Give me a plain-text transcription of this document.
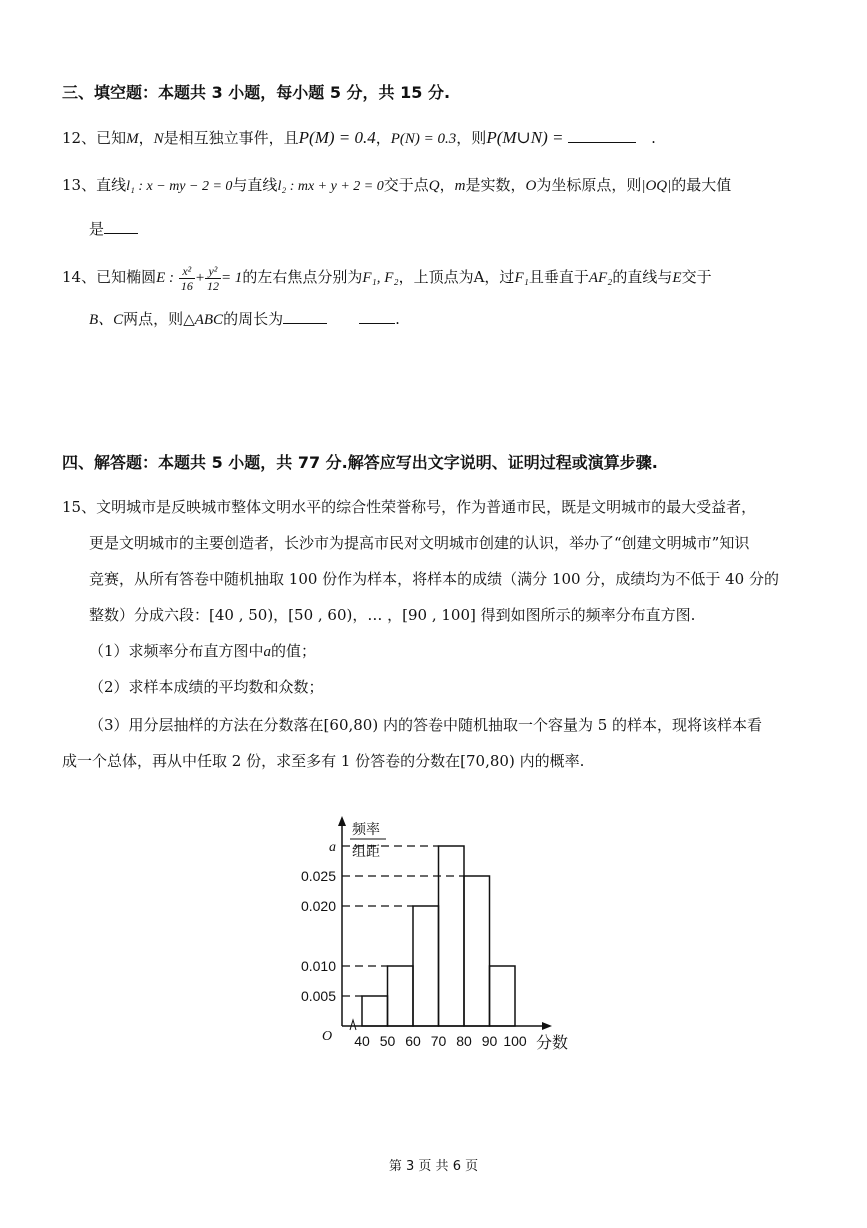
三、填空题：本题共 3 小题，每小题 5 分，共 15 分.
12、已知M，N是相互独立事件，且P(M) = 0.4，P(N) = 0.3，则P(M∪N) =	.
13、直线l₁ : x − my − 2 = 0与直线l₂ : mx + y + 2 = 0交于点Q，m是实数，O为坐标原点，则|OQ|的最大值
是
14、已知椭圆E : $\frac{\text{x²}}{16} + \frac{\text{y²}}{12} = 1$的左右焦点分别为F₁, F₂，上顶点为A，过F₁且垂直于AF₂的直线与E交于
B、C两点，则△ABC的周长为	.
四、解答题：本题共 5 小题，共 77 分.解答应写出文字说明、证明过程或演算步骤.
15、文明城市是反映城市整体文明水平的综合性荣誉称号，作为普通市民，既是文明城市的最大受益者，
更是文明城市的主要创造者，长沙市为提高市民对文明城市创建的认识，举办了“创建文明城市”知识
竞赛，从所有答卷中随机抽取 100 份作为样本，将样本的成绩（满分 100 分，成绩均为不低于 40 分的
整数）分成六段：[40 , 50)，[50 , 60)，… ，[90 , 100] 得到如图所示的频率分布直方图.
（1）求频率分布直方图中a的值；
（2）求样本成绩的平均数和众数；
（3）用分层抽样的方法在分数落在[60,80) 内的答卷中随机抽取一个容量为 5 的样本，现将该样本看
成一个总体，再从中任取 2 份，求至多有 1 份答卷的分数在[70,80) 内的概率.
频率
组距
O	分数
a
0.025
0.020
0.010
0.005
40 50 60 70 80 90 100
第 3 页 共 6 页
